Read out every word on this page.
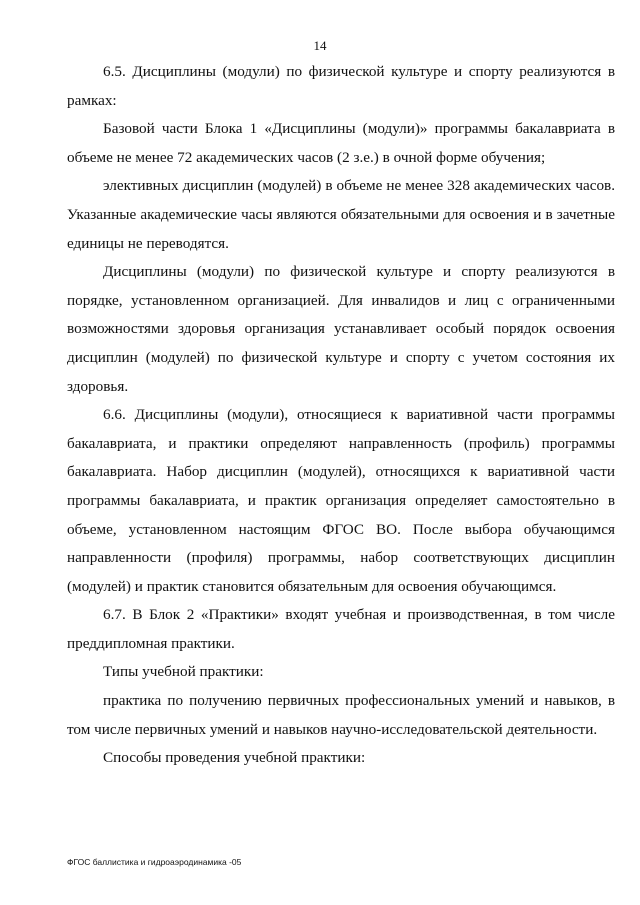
14

6.5. Дисциплины (модули) по физической культуре и спорту реализуются в рамках:

Базовой части Блока 1 «Дисциплины (модули)» программы бакалавриата в объеме не менее 72 академических часов (2 з.е.) в очной форме обучения;

элективных дисциплин (модулей) в объеме не менее 328 академических часов. Указанные академические часы являются обязательными для освоения и в зачетные единицы не переводятся.

Дисциплины (модули) по физической культуре и спорту реализуются в порядке, установленном организацией. Для инвалидов и лиц с ограниченными возможностями здоровья организация устанавливает особый порядок освоения дисциплин (модулей) по физической культуре и спорту с учетом состояния их здоровья.

6.6. Дисциплины (модули), относящиеся к вариативной части программы бакалавриата, и практики определяют направленность (профиль) программы бакалавриата. Набор дисциплин (модулей), относящихся к вариативной части программы бакалавриата, и практик организация определяет самостоятельно в объеме, установленном настоящим ФГОС ВО. После выбора обучающимся направленности (профиля) программы, набор соответствующих дисциплин (модулей) и практик становится обязательным для освоения обучающимся.

6.7. В Блок 2 «Практики» входят учебная и производственная, в том числе преддипломная практики.

Типы учебной практики:

практика по получению первичных профессиональных умений и навыков, в том числе первичных умений и навыков научно-исследовательской деятельности.

Способы проведения учебной практики:

ФГОС баллистика и гидроаэродинамика -05
